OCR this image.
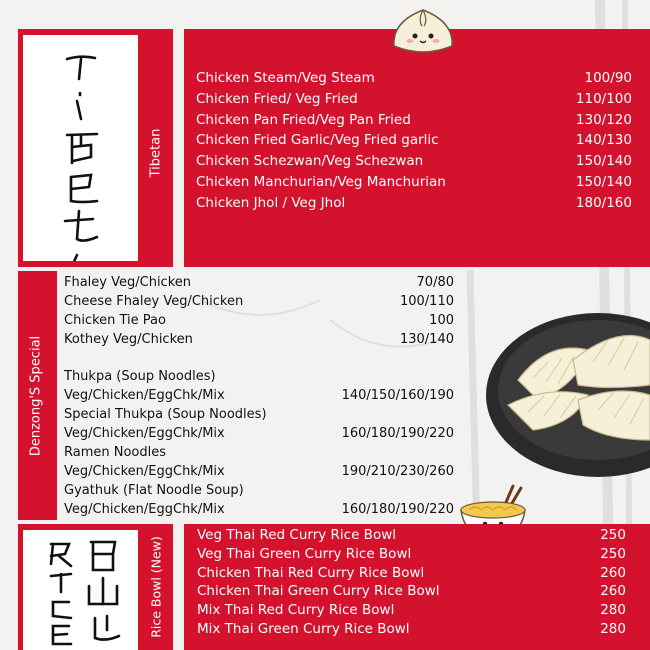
Tibetan
Chicken Steam/Veg Steam	100/90
Chicken Fried/ Veg Fried	110/100
Chicken Pan Fried/Veg Pan Fried	130/120
Chicken Fried Garlic/Veg Fried garlic	140/130
Chicken Schezwan/Veg Schezwan	150/140
Chicken Manchurian/Veg Manchurian	150/140
Chicken Jhol / Veg Jhol	180/160
Denzong'S Special
Fhaley Veg/Chicken	70/80
Cheese Fhaley Veg/Chicken	100/110
Chicken Tie Pao	100
Kothey Veg/Chicken	130/140
Thukpa (Soup Noodles)
Veg/Chicken/EggChk/Mix	140/150/160/190
Special Thukpa (Soup Noodles)
Veg/Chicken/EggChk/Mix	160/180/190/220
Ramen Noodles
Veg/Chicken/EggChk/Mix	190/210/230/260
Gyathuk (Flat Noodle Soup)
Veg/Chicken/EggChk/Mix	160/180/190/220
Rice Bowl (New)
Veg Thai Red Curry Rice Bowl	250
Veg Thai Green Curry Rice Bowl	250
Chicken Thai Red Curry Rice Bowl	260
Chicken Thai Green Curry Rice Bowl	260
Mix Thai Red Curry Rice Bowl	280
Mix Thai Green Curry Rice Bowl	280
